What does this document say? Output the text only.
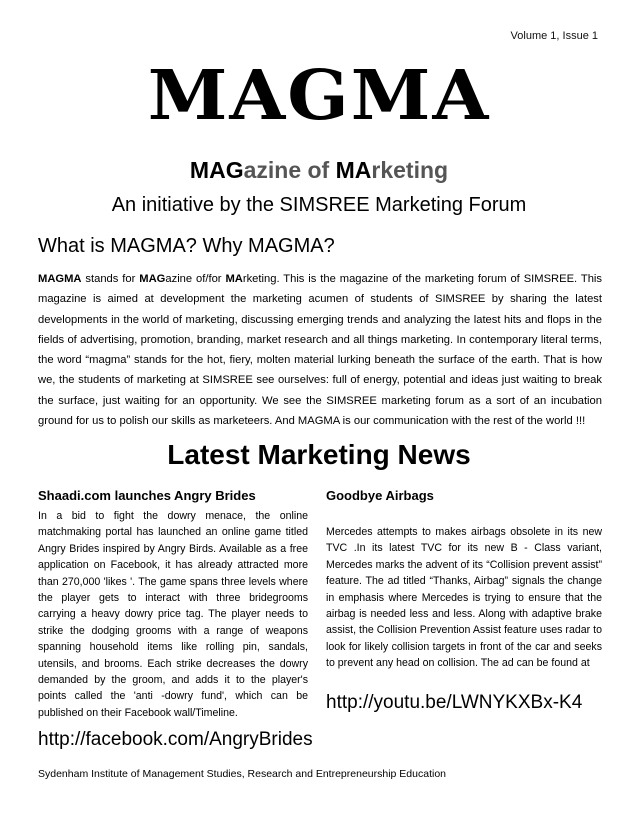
Volume 1, Issue 1
MAGMA
MAGazine of MArketing
An initiative by the SIMSREE Marketing Forum
What is MAGMA? Why MAGMA?
MAGMA stands for MAGazine of/for MArketing. This is the magazine of the marketing forum of SIMSREE. This magazine is aimed at development the marketing acumen of students of SIMSREE by sharing the latest developments in the world of marketing, discussing emerging trends and analyzing the latest hits and flops in the fields of advertising, promotion, branding, market research and all things marketing. In contemporary literal terms, the word “magma” stands for the hot, fiery, molten material lurking beneath the surface of the earth. That is how we, the students of marketing at SIMSREE see ourselves: full of energy, potential and ideas just waiting to break the surface, just waiting for an opportunity. We see the SIMSREE marketing forum as a sort of an incubation ground for us to polish our skills as marketeers. And MAGMA is our communication with the rest of the world !!!
Latest Marketing News
Shaadi.com launches Angry Brides

In a bid to fight the dowry menace, the online matchmaking portal has launched an online game titled Angry Brides inspired by Angry Birds. Available as a free application on Facebook, it has already attracted more than 270,000 'likes '. The game spans three levels where the player gets to interact with three bridegrooms carrying a heavy dowry price tag. The player needs to strike the dodging grooms with a range of weapons spanning household items like rolling pin, sandals, utensils, and brooms. Each strike decreases the dowry demanded by the groom, and adds it to the player's points called the 'anti -dowry fund', which can be published on their Facebook wall/Timeline.

http://facebook.com/AngryBrides
Goodbye Airbags

Mercedes attempts to makes airbags obsolete in its new TVC .In its latest TVC for its new B - Class variant, Mercedes marks the advent of its “Collision prevent assist” feature. The ad titled “Thanks, Airbag” signals the change in emphasis where Mercedes is trying to ensure that the airbag is needed less and less. Along with adaptive brake assist, the Collision Prevention Assist feature uses radar to look for likely collision targets in front of the car and seeks to prevent any head on collision. The ad can be found at

http://youtu.be/LWNYKXBx-K4
Sydenham Institute of Management Studies, Research and Entrepreneurship Education
